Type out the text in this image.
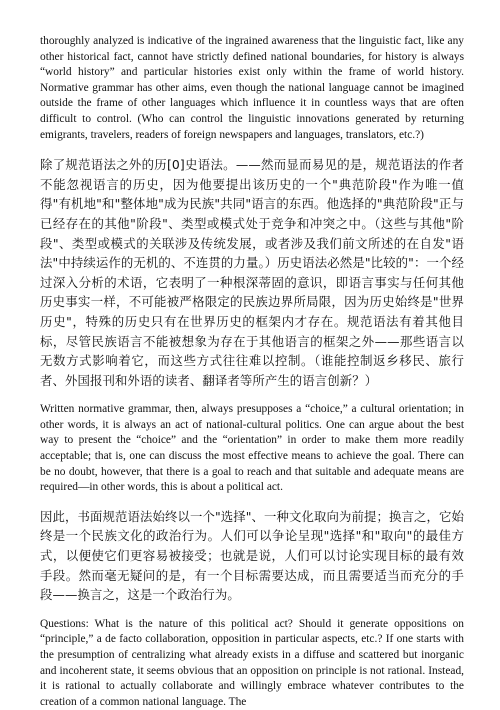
thoroughly analyzed is indicative of the ingrained awareness that the linguistic fact, like any other historical fact, cannot have strictly defined national boundaries, for history is always “world history” and particular histories exist only within the frame of world history. Normative grammar has other aims, even though the national language cannot be imagined outside the frame of other languages which influence it in countless ways that are often difficult to control. (Who can control the linguistic innovations generated by returning emigrants, travelers, readers of foreign newspapers and languages, translators, etc.?)

除了规范语法之外的历[0]史语法。——然而显而易见的是，规范语法的作者不能忽视语言的历史，因为他要提出该历史的一个"典范阶段"作为唯一值得"有机地"和"整体地"成为民族"共同"语言的东西。他选择的"典范阶段"正与已经存在的其他"阶段"、类型或模式处于竞争和冲突之中。（这些与其他"阶段"、类型或模式的关联涉及传统发展，或者涉及我们前文所述的在自发"语法"中持续运作的无机的、不连贯的力量。）历史语法必然是"比较的"：一个经过深入分析的术语，它表明了一种根深蒂固的意识，即语言事实与任何其他历史事实一样，不可能被严格限定的民族边界所局限，因为历史始终是"世界历史"，特殊的历史只有在世界历史的框架内才存在。规范语法有着其他目标，尽管民族语言不能被想象为存在于其他语言的框架之外——那些语言以无数方式影响着它，而这些方式往往难以控制。（谁能控制返乡移民、旅行者、外国报刊和外语的读者、翻译者等所产生的语言创新？）

Written normative grammar, then, always presupposes a “choice,” a cultural orientation; in other words, it is always an act of national-cultural politics. One can argue about the best way to present the “choice” and the “orientation” in order to make them more readily acceptable; that is, one can discuss the most effective means to achieve the goal. There can be no doubt, however, that there is a goal to reach and that suitable and adequate means are required—in other words, this is about a political act.

因此，书面规范语法始终以一个"选择"、一种文化取向为前提；换言之，它始终是一个民族文化的政治行为。人们可以争论呈现"选择"和"取向"的最佳方式，以便使它们更容易被接受；也就是说，人们可以讨论实现目标的最有效手段。然而毫无疑问的是，有一个目标需要达成，而且需要适当而充分的手段——换言之，这是一个政治行为。

Questions: What is the nature of this political act? Should it generate oppositions on “principle,” a de facto collaboration, opposition in particular aspects, etc.? If one starts with the presumption of centralizing what already exists in a diffuse and scattered but inorganic and incoherent state, it seems obvious that an opposition on principle is not rational. Instead, it is rational to actually collaborate and willingly embrace whatever contributes to the creation of a common national language. The
